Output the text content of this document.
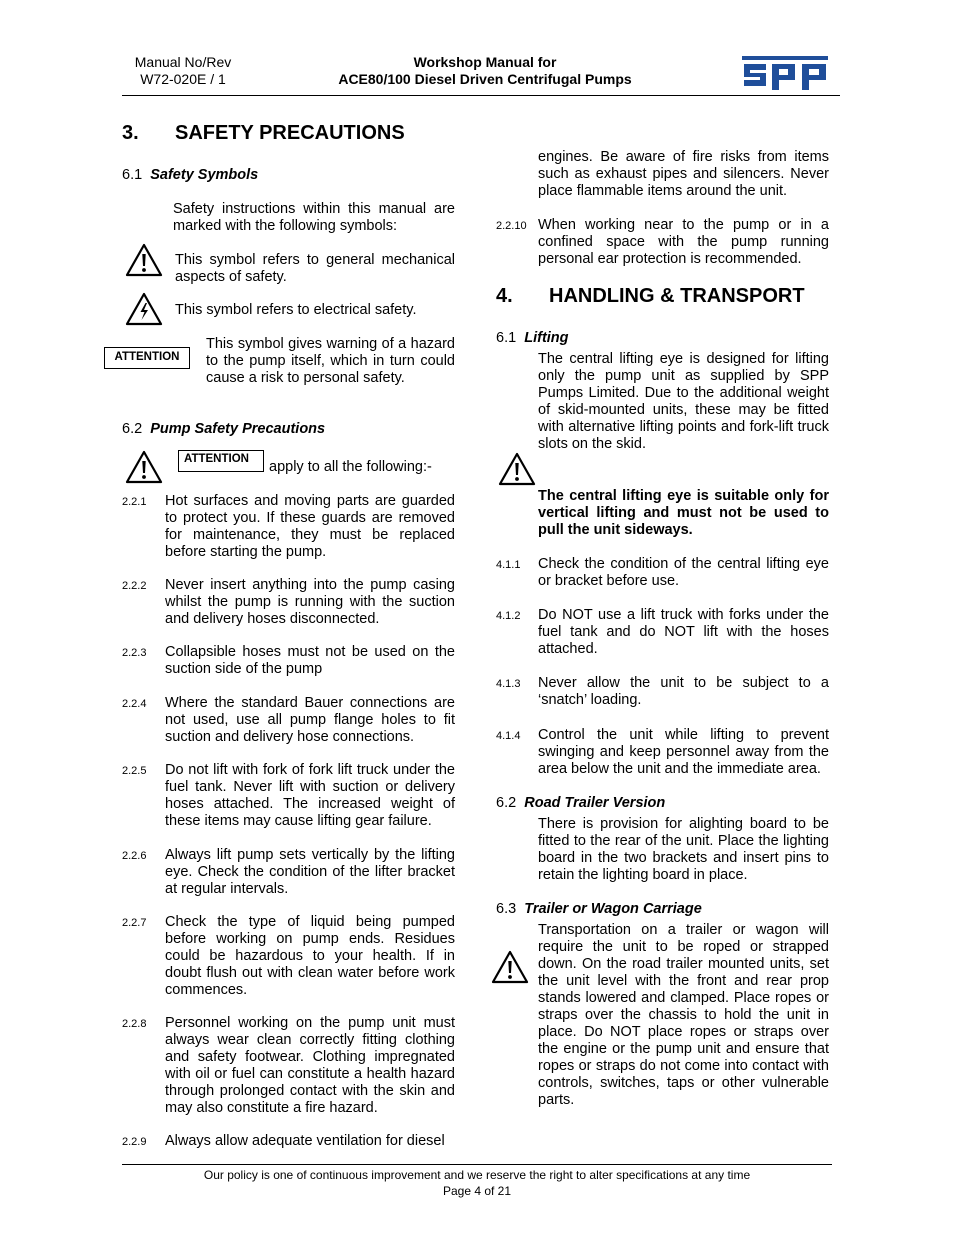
Manual No/Rev
W72-020E / 1
Workshop Manual for
ACE80/100 Diesel Driven Centrifugal Pumps
3. SAFETY PRECAUTIONS
6.1 Safety Symbols
Safety instructions within this manual are marked with the following symbols:
This symbol refers to general mechanical aspects of safety.
This symbol refers to electrical safety.
ATTENTION
This symbol gives warning of a hazard to the pump itself, which in turn could cause a risk to personal safety.
6.2 Pump Safety Precautions
ATTENTION	apply to all the following:-
2.2.1 Hot surfaces and moving parts are guarded to protect you. If these guards are removed for maintenance, they must be replaced before starting the pump.
2.2.2 Never insert anything into the pump casing whilst the pump is running with the suction and delivery hoses disconnected.
2.2.3 Collapsible hoses must not be used on the suction side of the pump
2.2.4 Where the standard Bauer connections are not used, use all pump flange holes to fit suction and delivery hose connections.
2.2.5 Do not lift with fork of fork lift truck under the fuel tank. Never lift with suction or delivery hoses attached. The increased weight of these items may cause lifting gear failure.
2.2.6 Always lift pump sets vertically by the lifting eye. Check the condition of the lifter bracket at regular intervals.
2.2.7 Check the type of liquid being pumped before working on pump ends. Residues could be hazardous to your health. If in doubt flush out with clean water before work commences.
2.2.8 Personnel working on the pump unit must always wear clean correctly fitting clothing and safety footwear. Clothing impregnated with oil or fuel can constitute a health hazard through prolonged contact with the skin and may also constitute a fire hazard.
2.2.9 Always allow adequate ventilation for diesel
engines. Be aware of fire risks from items such as exhaust pipes and silencers. Never place flammable items around the unit.
2.2.10 When working near to the pump or in a confined space with the pump running personal ear protection is recommended.
4. HANDLING & TRANSPORT
6.1 Lifting
The central lifting eye is designed for lifting only the pump unit as supplied by SPP Pumps Limited. Due to the additional weight of skid-mounted units, these may be fitted with alternative lifting points and fork-lift truck slots on the skid.
The central lifting eye is suitable only for vertical lifting and must not be used to pull the unit sideways.
4.1.1 Check the condition of the central lifting eye or bracket before use.
4.1.2 Do NOT use a lift truck with forks under the fuel tank and do NOT lift with the hoses attached.
4.1.3 Never allow the unit to be subject to a ‘snatch’ loading.
4.1.4 Control the unit while lifting to prevent swinging and keep personnel away from the area below the unit and the immediate area.
6.2 Road Trailer Version
There is provision for alighting board to be fitted to the rear of the unit. Place the lighting board in the two brackets and insert pins to retain the lighting board in place.
6.3 Trailer or Wagon Carriage
Transportation on a trailer or wagon will require the unit to be roped or strapped down. On the road trailer mounted units, set the unit level with the front and rear prop stands lowered and clamped. Place ropes or straps over the chassis to hold the unit in place. Do NOT place ropes or straps over the engine or the pump unit and ensure that ropes or straps do not come into contact with controls, switches, taps or other vulnerable parts.
Our policy is one of continuous improvement and we reserve the right to alter specifications at any time
Page 4 of 21
